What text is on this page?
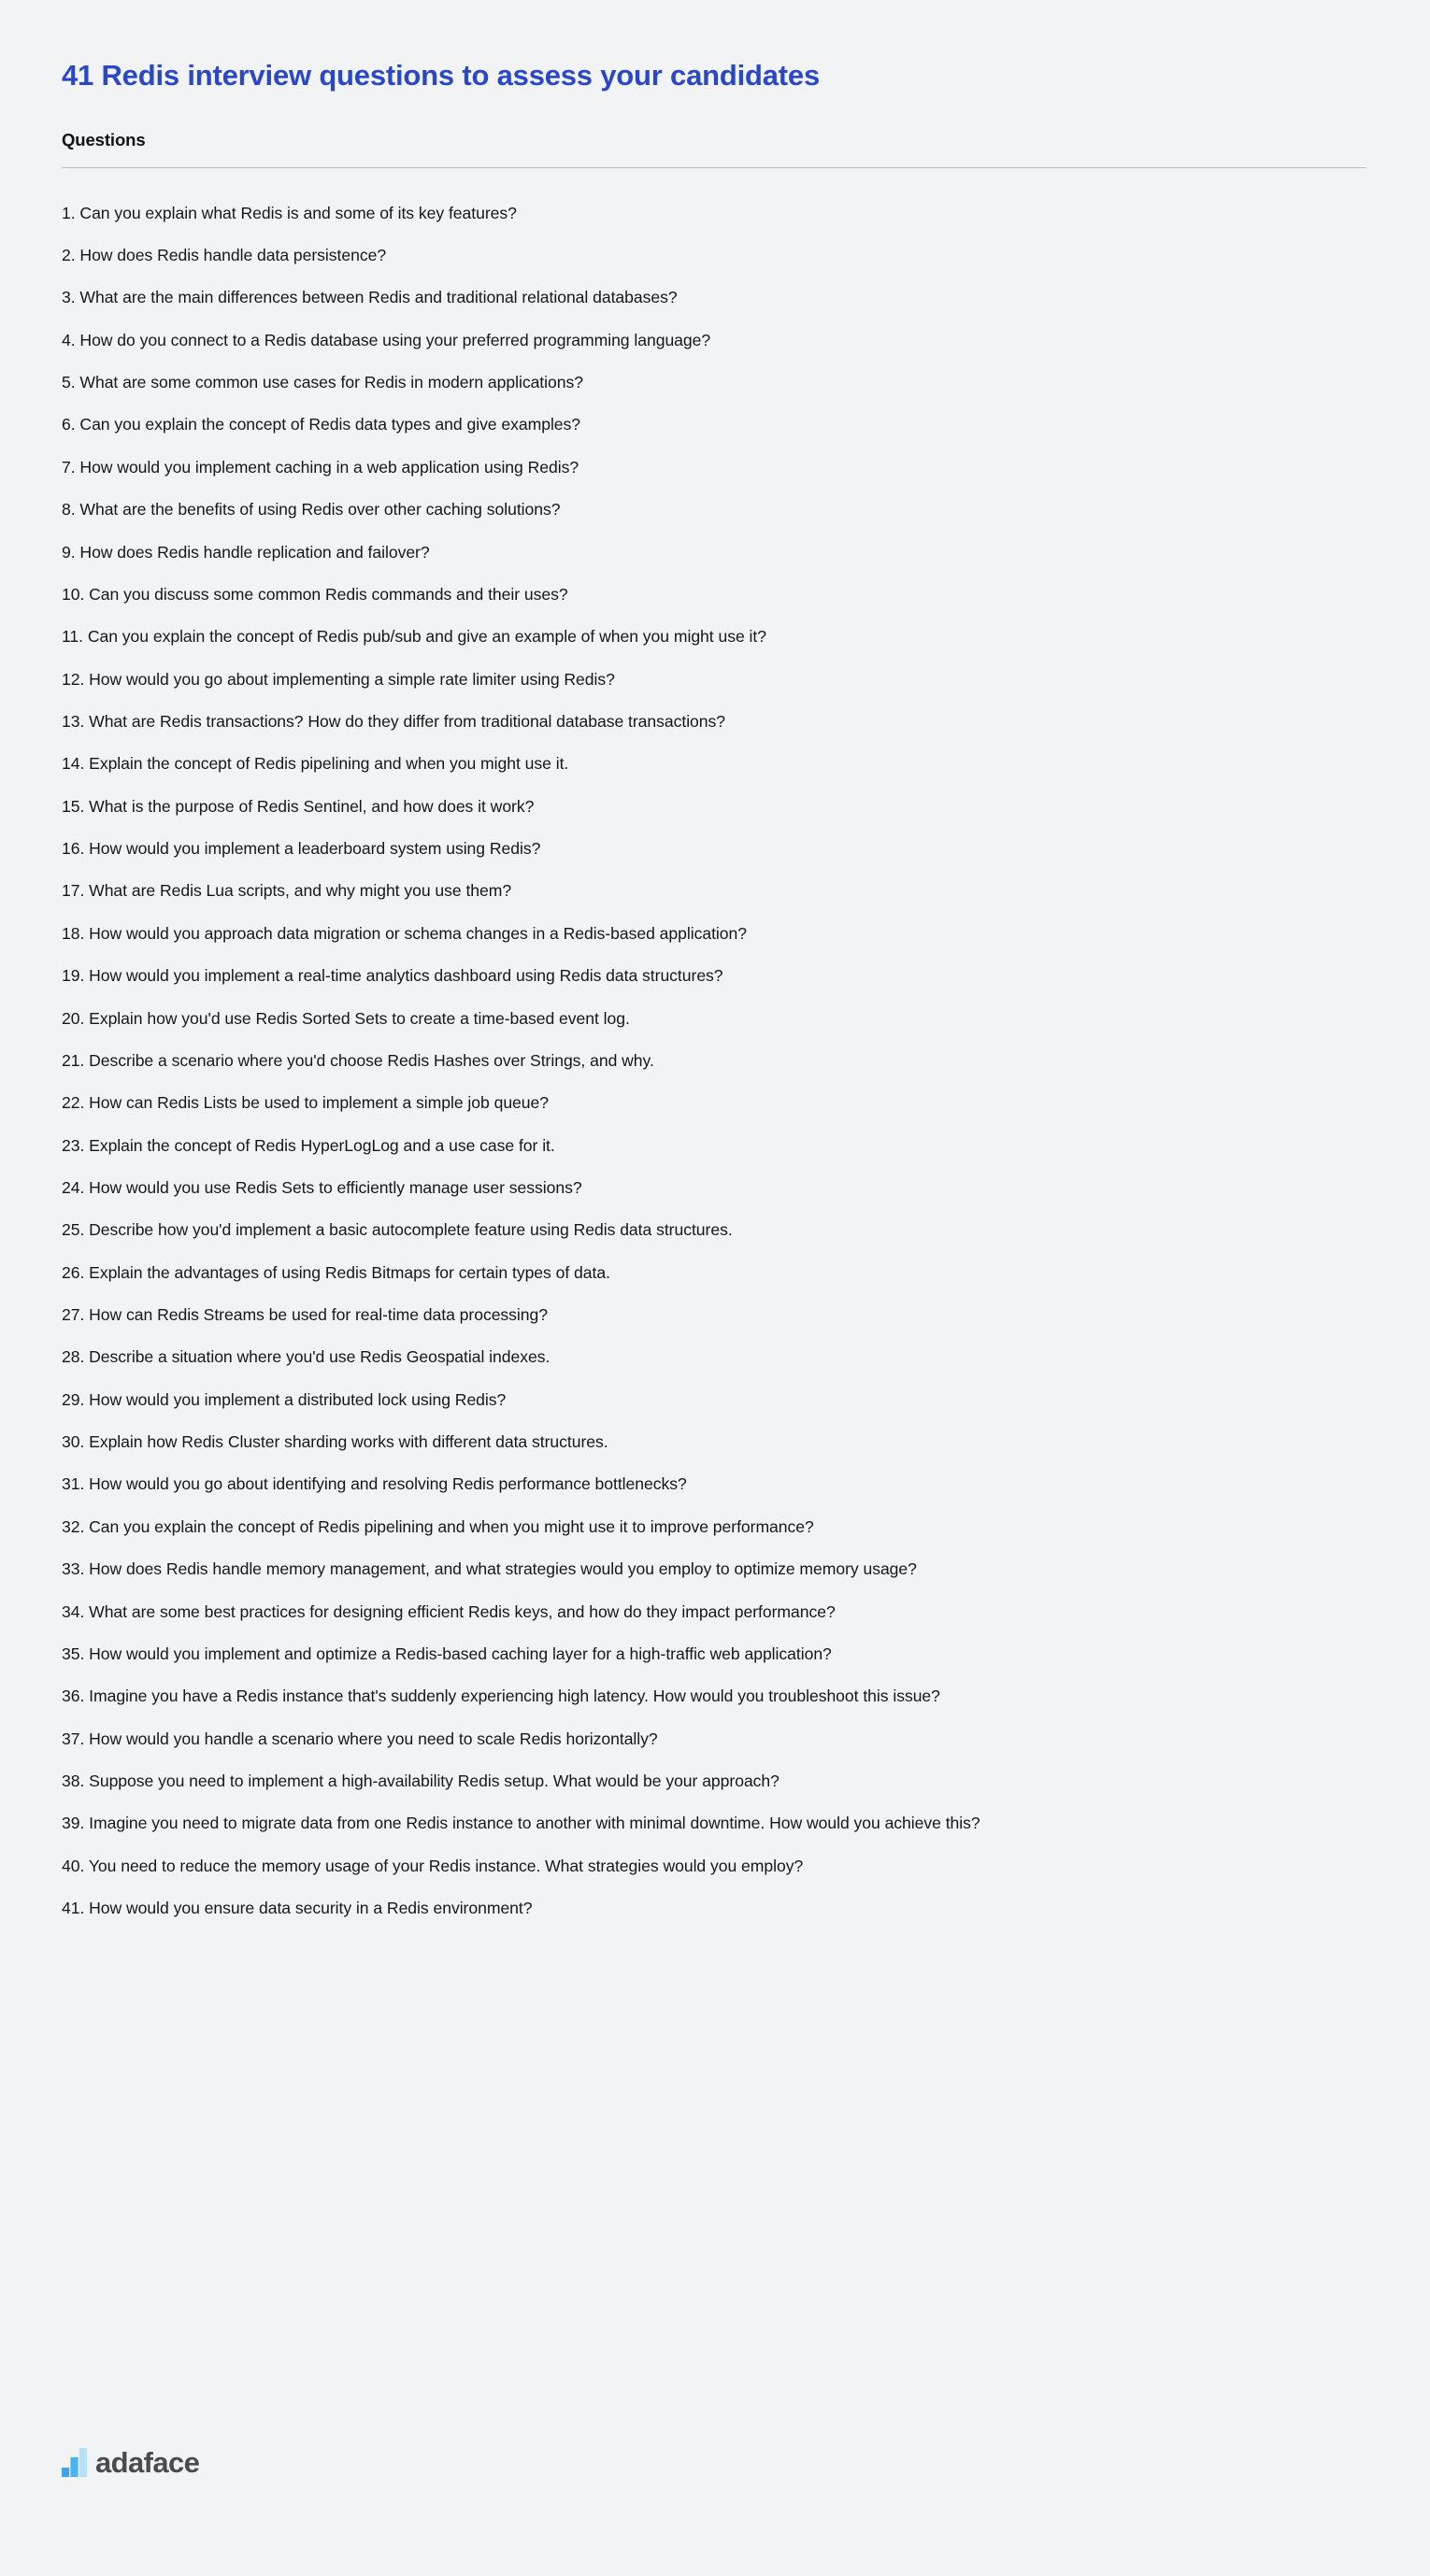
41 Redis interview questions to assess your candidates
Questions
1. Can you explain what Redis is and some of its key features?
2. How does Redis handle data persistence?
3. What are the main differences between Redis and traditional relational databases?
4. How do you connect to a Redis database using your preferred programming language?
5. What are some common use cases for Redis in modern applications?
6. Can you explain the concept of Redis data types and give examples?
7. How would you implement caching in a web application using Redis?
8. What are the benefits of using Redis over other caching solutions?
9. How does Redis handle replication and failover?
10. Can you discuss some common Redis commands and their uses?
11. Can you explain the concept of Redis pub/sub and give an example of when you might use it?
12. How would you go about implementing a simple rate limiter using Redis?
13. What are Redis transactions? How do they differ from traditional database transactions?
14. Explain the concept of Redis pipelining and when you might use it.
15. What is the purpose of Redis Sentinel, and how does it work?
16. How would you implement a leaderboard system using Redis?
17. What are Redis Lua scripts, and why might you use them?
18. How would you approach data migration or schema changes in a Redis-based application?
19. How would you implement a real-time analytics dashboard using Redis data structures?
20. Explain how you'd use Redis Sorted Sets to create a time-based event log.
21. Describe a scenario where you'd choose Redis Hashes over Strings, and why.
22. How can Redis Lists be used to implement a simple job queue?
23. Explain the concept of Redis HyperLogLog and a use case for it.
24. How would you use Redis Sets to efficiently manage user sessions?
25. Describe how you'd implement a basic autocomplete feature using Redis data structures.
26. Explain the advantages of using Redis Bitmaps for certain types of data.
27. How can Redis Streams be used for real-time data processing?
28. Describe a situation where you'd use Redis Geospatial indexes.
29. How would you implement a distributed lock using Redis?
30. Explain how Redis Cluster sharding works with different data structures.
31. How would you go about identifying and resolving Redis performance bottlenecks?
32. Can you explain the concept of Redis pipelining and when you might use it to improve performance?
33. How does Redis handle memory management, and what strategies would you employ to optimize memory usage?
34. What are some best practices for designing efficient Redis keys, and how do they impact performance?
35. How would you implement and optimize a Redis-based caching layer for a high-traffic web application?
36. Imagine you have a Redis instance that's suddenly experiencing high latency. How would you troubleshoot this issue?
37. How would you handle a scenario where you need to scale Redis horizontally?
38. Suppose you need to implement a high-availability Redis setup. What would be your approach?
39. Imagine you need to migrate data from one Redis instance to another with minimal downtime. How would you achieve this?
40. You need to reduce the memory usage of your Redis instance. What strategies would you employ?
41. How would you ensure data security in a Redis environment?
adaface
